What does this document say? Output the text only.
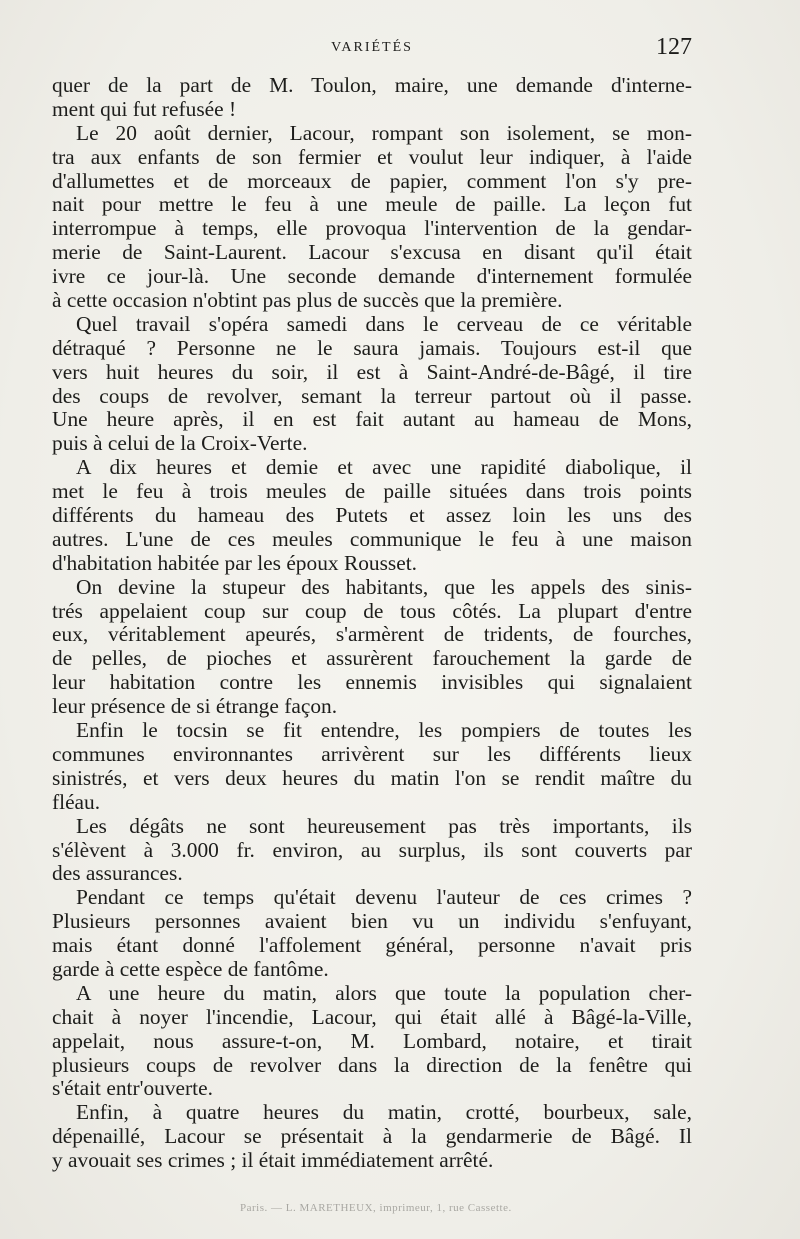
VARIÉTÉS	127
quer de la part de M. Toulon, maire, une demande d'interne-
ment qui fut refusée !
Le 20 août dernier, Lacour, rompant son isolement, se mon-
tra aux enfants de son fermier et voulut leur indiquer, à l'aide
d'allumettes et de morceaux de papier, comment l'on s'y pre-
nait pour mettre le feu à une meule de paille. La leçon fut
interrompue à temps, elle provoqua l'intervention de la gendar-
merie de Saint-Laurent. Lacour s'excusa en disant qu'il était
ivre ce jour-là. Une seconde demande d'internement formulée
à cette occasion n'obtint pas plus de succès que la première.
Quel travail s'opéra samedi dans le cerveau de ce véritable
détraqué ? Personne ne le saura jamais. Toujours est-il que
vers huit heures du soir, il est à Saint-André-de-Bâgé, il tire
des coups de revolver, semant la terreur partout où il passe.
Une heure après, il en est fait autant au hameau de Mons,
puis à celui de la Croix-Verte.
A dix heures et demie et avec une rapidité diabolique, il
met le feu à trois meules de paille situées dans trois points
différents du hameau des Putets et assez loin les uns des
autres. L'une de ces meules communique le feu à une maison
d'habitation habitée par les époux Rousset.
On devine la stupeur des habitants, que les appels des sinis-
trés appelaient coup sur coup de tous côtés. La plupart d'entre
eux, véritablement apeurés, s'armèrent de tridents, de fourches,
de pelles, de pioches et assurèrent farouchement la garde de
leur habitation contre les ennemis invisibles qui signalaient
leur présence de si étrange façon.
Enfin le tocsin se fit entendre, les pompiers de toutes les
communes environnantes arrivèrent sur les différents lieux
sinistrés, et vers deux heures du matin l'on se rendit maître du
fléau.
Les dégâts ne sont heureusement pas très importants, ils
s'élèvent à 3.000 fr. environ, au surplus, ils sont couverts par
des assurances.
Pendant ce temps qu'était devenu l'auteur de ces crimes ?
Plusieurs personnes avaient bien vu un individu s'enfuyant,
mais étant donné l'affolement général, personne n'avait pris
garde à cette espèce de fantôme.
A une heure du matin, alors que toute la population cher-
chait à noyer l'incendie, Lacour, qui était allé à Bâgé-la-Ville,
appelait, nous assure-t-on, M. Lombard, notaire, et tirait
plusieurs coups de revolver dans la direction de la fenêtre qui
s'était entr'ouverte.
Enfin, à quatre heures du matin, crotté, bourbeux, sale,
dépenaillé, Lacour se présentait à la gendarmerie de Bâgé. Il
y avouait ses crimes ; il était immédiatement arrêté.
Paris. — L. MARETHEUX, imprimeur, 1, rue Cassette.
